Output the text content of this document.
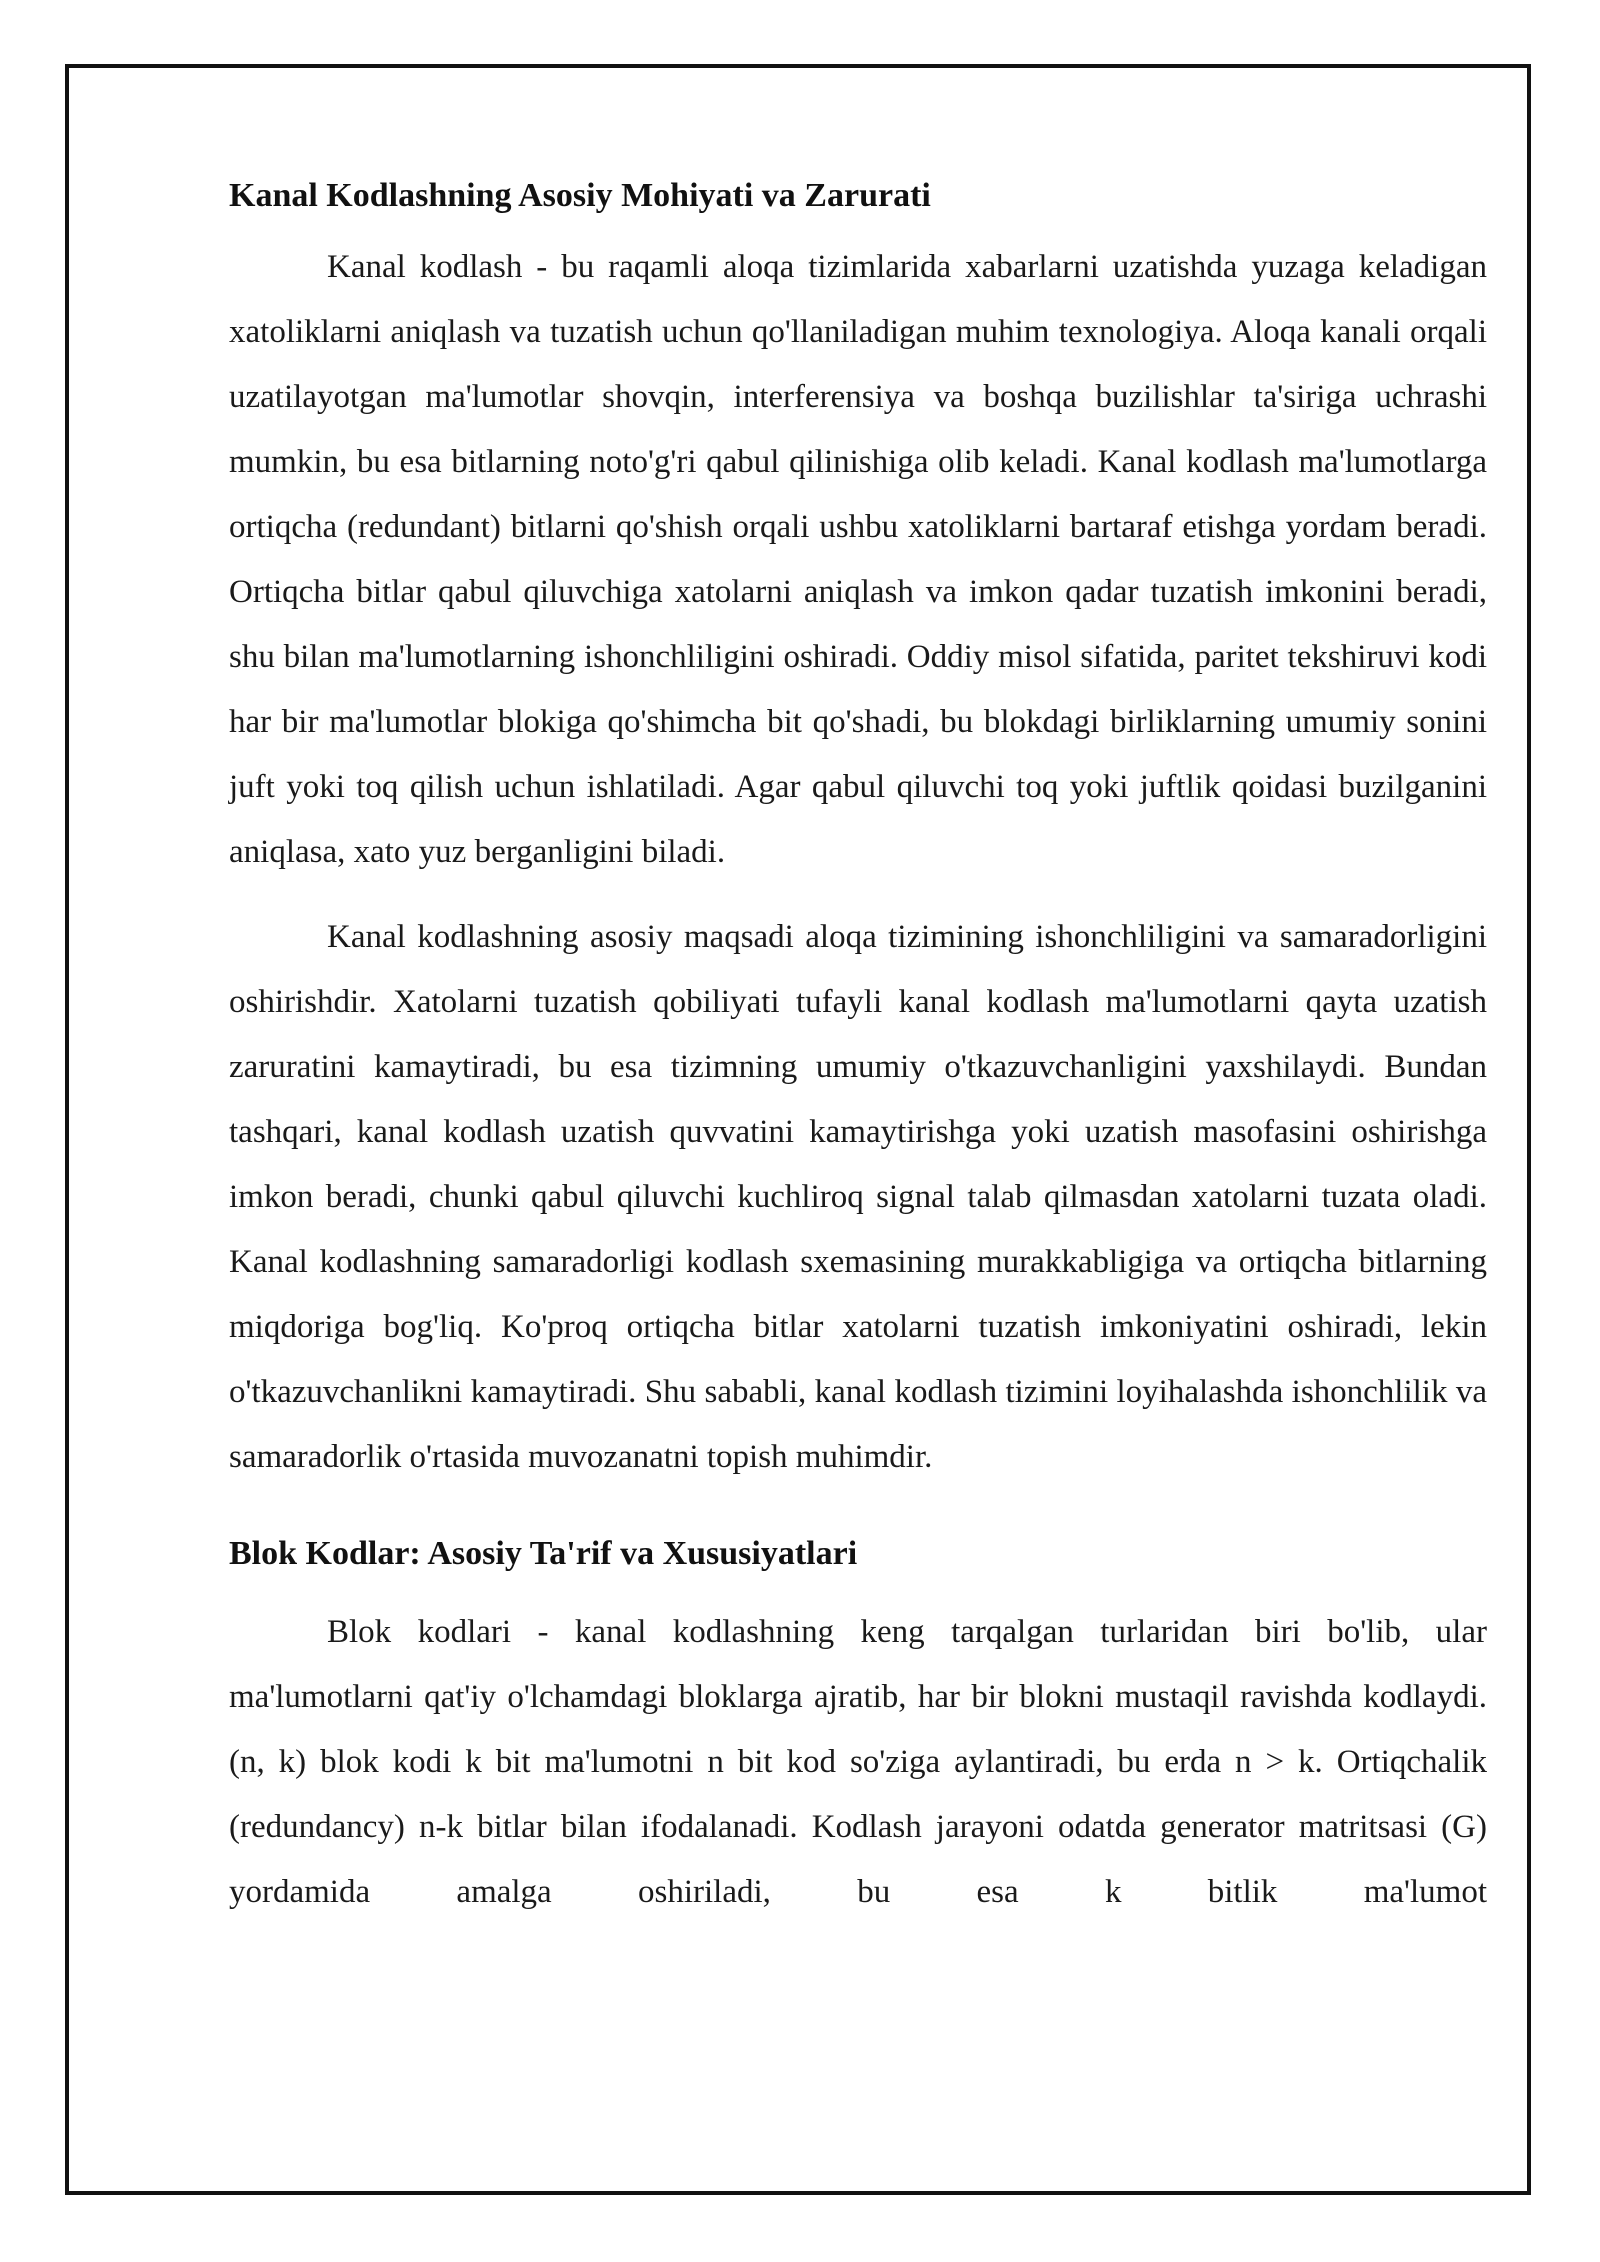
Kanal Kodlashning Asosiy Mohiyati va Zarurati

Kanal kodlash - bu raqamli aloqa tizimlarida xabarlarni uzatishda yuzaga keladigan xatoliklarni aniqlash va tuzatish uchun qo'llaniladigan muhim texnologiya. Aloqa kanali orqali uzatilayotgan ma'lumotlar shovqin, interferensiya va boshqa buzilishlar ta'siriga uchrashi mumkin, bu esa bitlarning noto'g'ri qabul qilinishiga olib keladi. Kanal kodlash ma'lumotlarga ortiqcha (redundant) bitlarni qo'shish orqali ushbu xatoliklarni bartaraf etishga yordam beradi. Ortiqcha bitlar qabul qiluvchiga xatolarni aniqlash va imkon qadar tuzatish imkonini beradi, shu bilan ma'lumotlarning ishonchliligini oshiradi. Oddiy misol sifatida, paritet tekshiruvi kodi har bir ma'lumotlar blokiga qo'shimcha bit qo'shadi, bu blokdagi birliklarning umumiy sonini juft yoki toq qilish uchun ishlatiladi. Agar qabul qiluvchi toq yoki juftlik qoidasi buzilganini aniqlasa, xato yuz berganligini biladi.

Kanal kodlashning asosiy maqsadi aloqa tizimining ishonchliligini va samaradorligini oshirishdir. Xatolarni tuzatish qobiliyati tufayli kanal kodlash ma'lumotlarni qayta uzatish zaruratini kamaytiradi, bu esa tizimning umumiy o'tkazuvchanligini yaxshilaydi. Bundan tashqari, kanal kodlash uzatish quvvatini kamaytirishga yoki uzatish masofasini oshirishga imkon beradi, chunki qabul qiluvchi kuchliroq signal talab qilmasdan xatolarni tuzata oladi. Kanal kodlashning samaradorligi kodlash sxemasining murakkabligiga va ortiqcha bitlarning miqdoriga bog'liq. Ko'proq ortiqcha bitlar xatolarni tuzatish imkoniyatini oshiradi, lekin o'tkazuvchanlikni kamaytiradi. Shu sababli, kanal kodlash tizimini loyihalashda ishonchlilik va samaradorlik o'rtasida muvozanatni topish muhimdir.

Blok Kodlar: Asosiy Ta'rif va Xususiyatlari

Blok kodlari - kanal kodlashning keng tarqalgan turlaridan biri bo'lib, ular ma'lumotlarni qat'iy o'lchamdagi bloklarga ajratib, har bir blokni mustaqil ravishda kodlaydi. (n, k) blok kodi k bit ma'lumotni n bit kod so'ziga aylantiradi, bu erda n > k. Ortiqchalik (redundancy) n-k bitlar bilan ifodalanadi. Kodlash jarayoni odatda generator matritsasi (G) yordamida amalga oshiriladi, bu esa k bitlik ma'lumot
